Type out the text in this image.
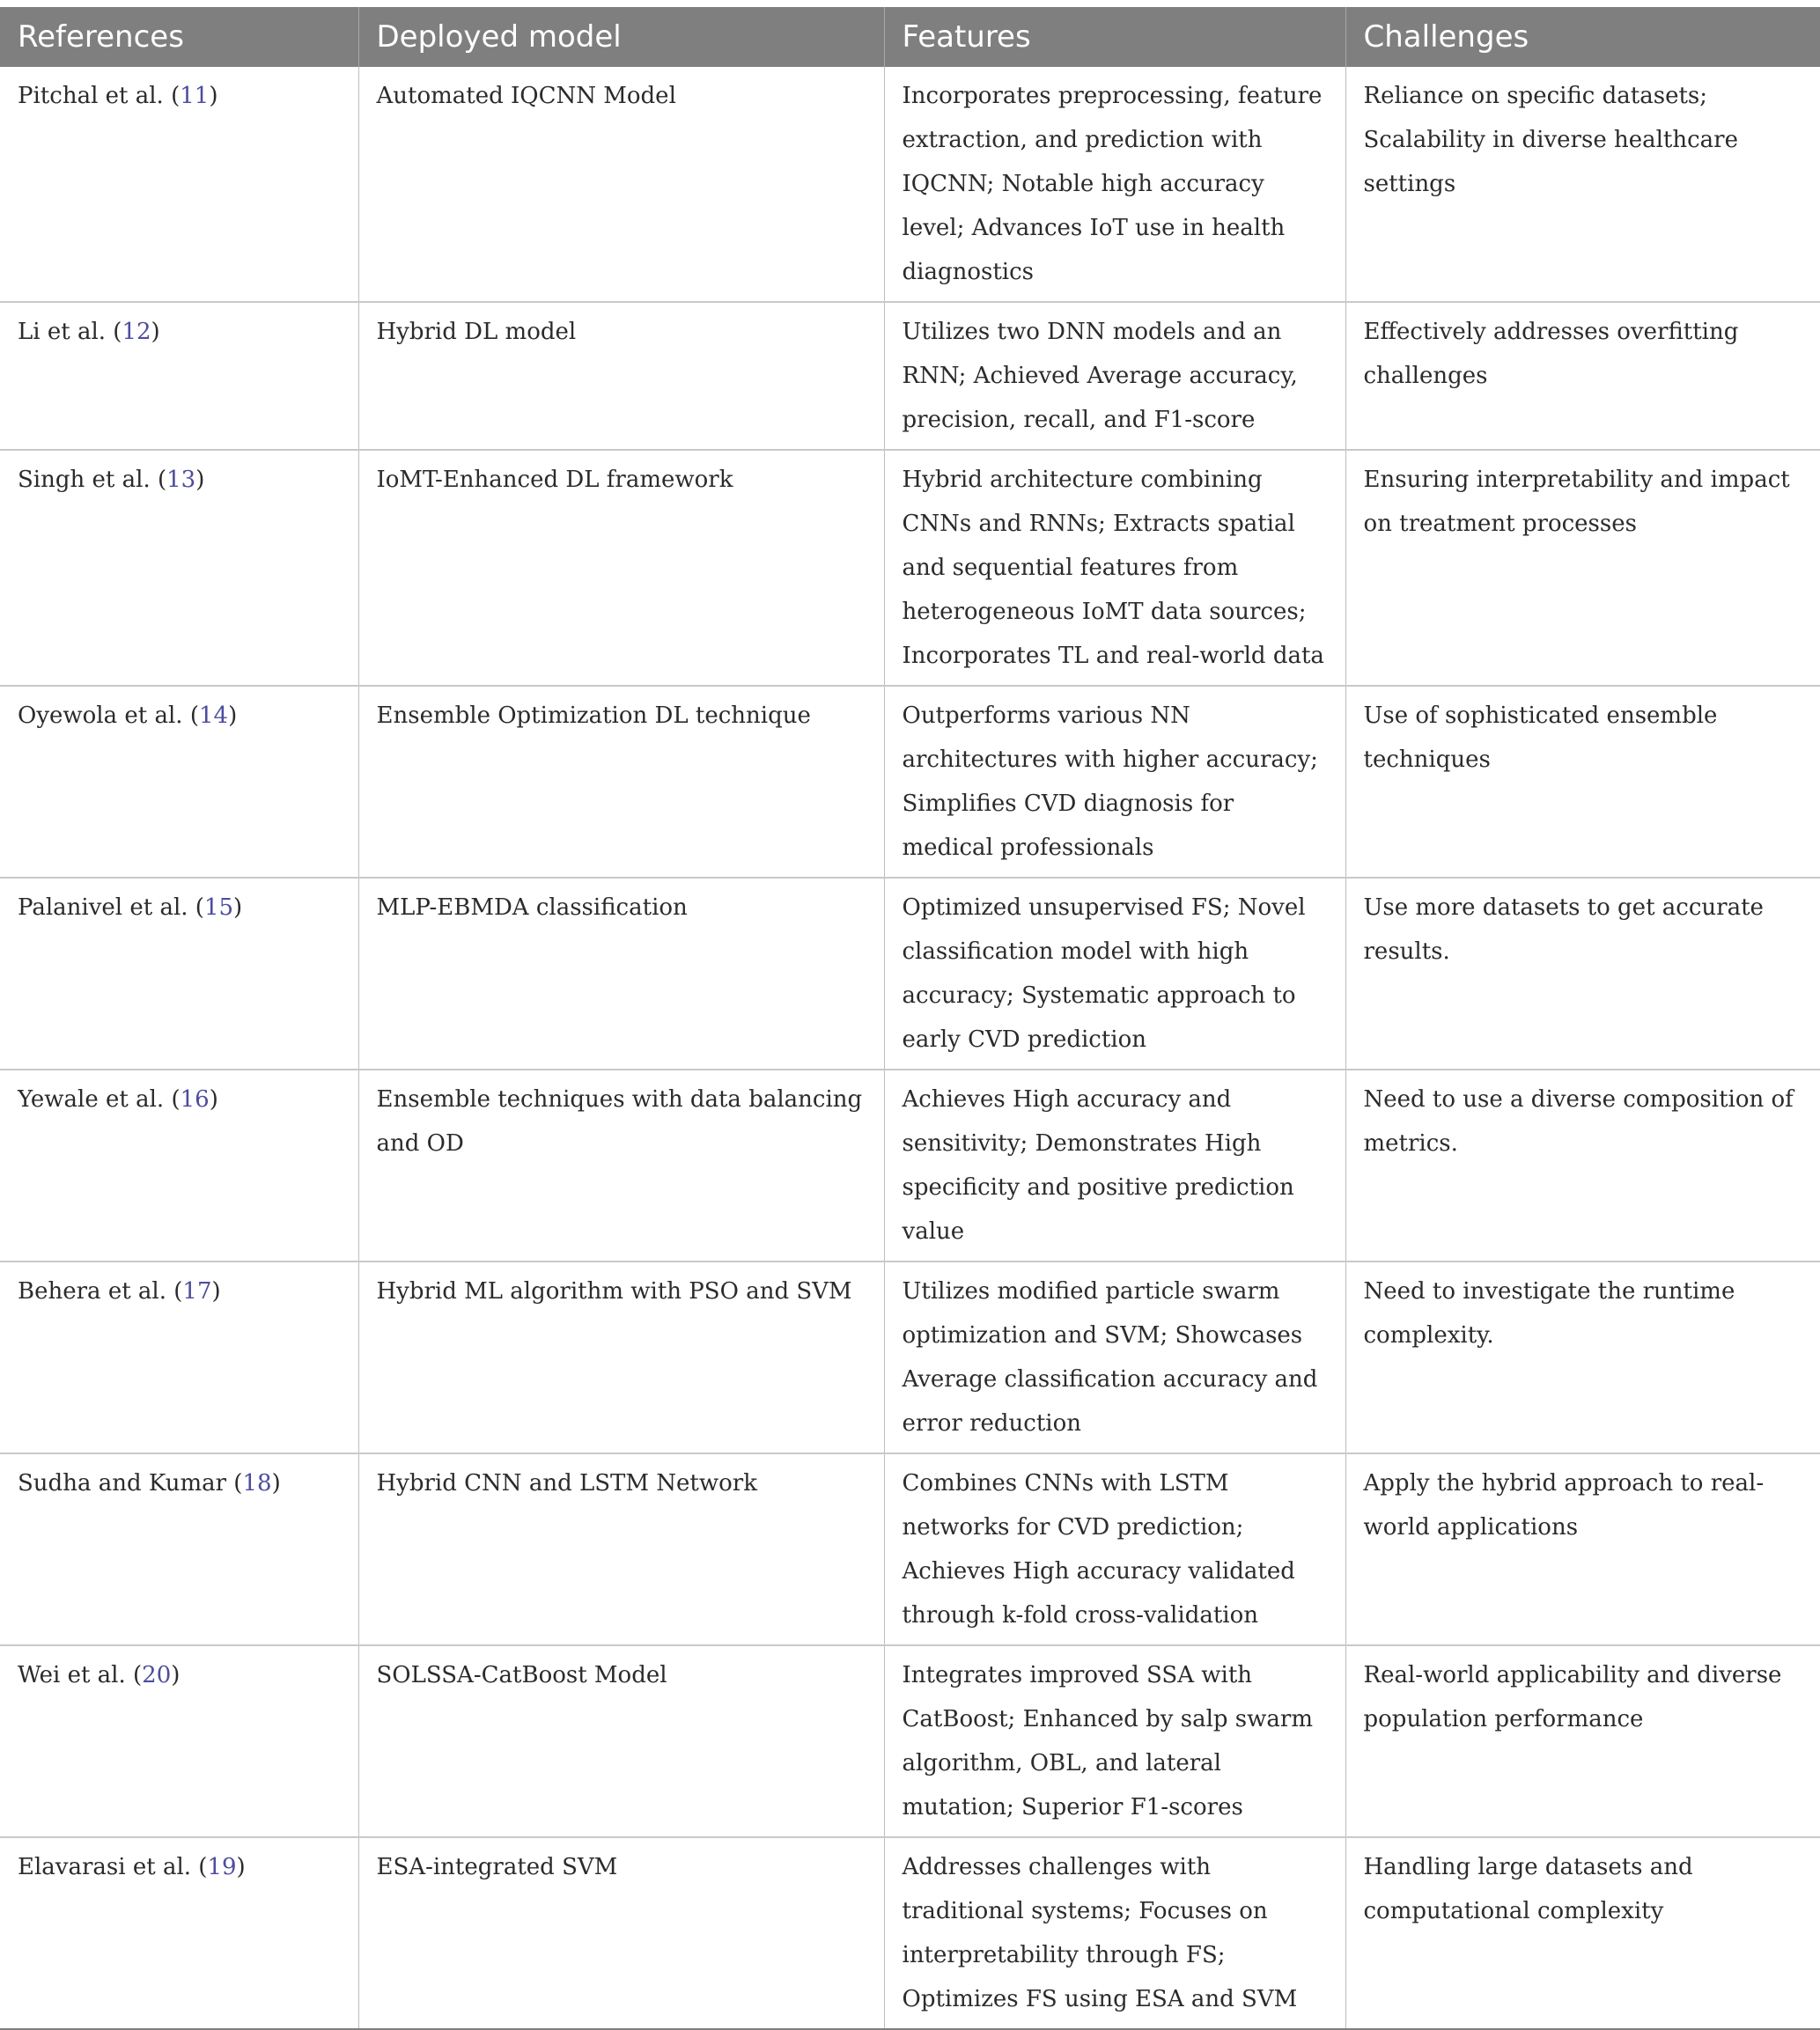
References	Deployed model	Features	Challenges
Pitchal et al. (11)	Automated IQCNN Model	Incorporates preprocessing, feature extraction, and prediction with IQCNN; Notable high accuracy level; Advances IoT use in health diagnostics	Reliance on specific datasets; Scalability in diverse healthcare settings
Li et al. (12)	Hybrid DL model	Utilizes two DNN models and an RNN; Achieved Average accuracy, precision, recall, and F1-score	Effectively addresses overfitting challenges
Singh et al. (13)	IoMT-Enhanced DL framework	Hybrid architecture combining CNNs and RNNs; Extracts spatial and sequential features from heterogeneous IoMT data sources; Incorporates TL and real-world data	Ensuring interpretability and impact on treatment processes
Oyewola et al. (14)	Ensemble Optimization DL technique	Outperforms various NN architectures with higher accuracy; Simplifies CVD diagnosis for medical professionals	Use of sophisticated ensemble techniques
Palanivel et al. (15)	MLP-EBMDA classification	Optimized unsupervised FS; Novel classification model with high accuracy; Systematic approach to early CVD prediction	Use more datasets to get accurate results.
Yewale et al. (16)	Ensemble techniques with data balancing and OD	Achieves High accuracy and sensitivity; Demonstrates High specificity and positive prediction value	Need to use a diverse composition of metrics.
Behera et al. (17)	Hybrid ML algorithm with PSO and SVM	Utilizes modified particle swarm optimization and SVM; Showcases Average classification accuracy and error reduction	Need to investigate the runtime complexity.
Sudha and Kumar (18)	Hybrid CNN and LSTM Network	Combines CNNs with LSTM networks for CVD prediction; Achieves High accuracy validated through k-fold cross-validation	Apply the hybrid approach to real-world applications
Wei et al. (20)	SOLSSA-CatBoost Model	Integrates improved SSA with CatBoost; Enhanced by salp swarm algorithm, OBL, and lateral mutation; Superior F1-scores	Real-world applicability and diverse population performance
Elavarasi et al. (19)	ESA-integrated SVM	Addresses challenges with traditional systems; Focuses on interpretability through FS; Optimizes FS using ESA and SVM	Handling large datasets and computational complexity
